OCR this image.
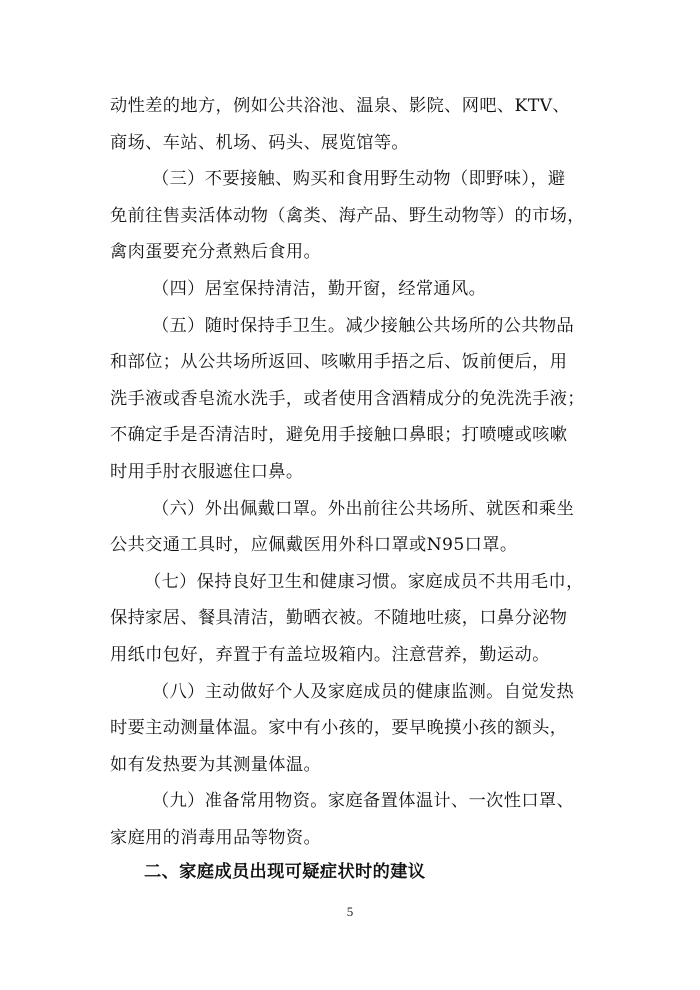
动性差的地方，例如公共浴池、温泉、影院、网吧、KTV、
商场、车站、机场、码头、展览馆等。

（三）不要接触、购买和食用野生动物（即野味），避
免前往售卖活体动物（禽类、海产品、野生动物等）的市场，
禽肉蛋要充分煮熟后食用。

（四）居室保持清洁，勤开窗，经常通风。

（五）随时保持手卫生。减少接触公共场所的公共物品
和部位；从公共场所返回、咳嗽用手捂之后、饭前便后，用
洗手液或香皂流水洗手，或者使用含酒精成分的免洗洗手液；
不确定手是否清洁时，避免用手接触口鼻眼；打喷嚏或咳嗽
时用手肘衣服遮住口鼻。

（六）外出佩戴口罩。外出前往公共场所、就医和乘坐
公共交通工具时，应佩戴医用外科口罩或N95口罩。

（七）保持良好卫生和健康习惯。家庭成员不共用毛巾，
保持家居、餐具清洁，勤晒衣被。不随地吐痰，口鼻分泌物
用纸巾包好，弃置于有盖垃圾箱内。注意营养，勤运动。

（八）主动做好个人及家庭成员的健康监测。自觉发热
时要主动测量体温。家中有小孩的，要早晚摸小孩的额头，
如有发热要为其测量体温。

（九）准备常用物资。家庭备置体温计、一次性口罩、
家庭用的消毒用品等物资。

二、家庭成员出现可疑症状时的建议
5
